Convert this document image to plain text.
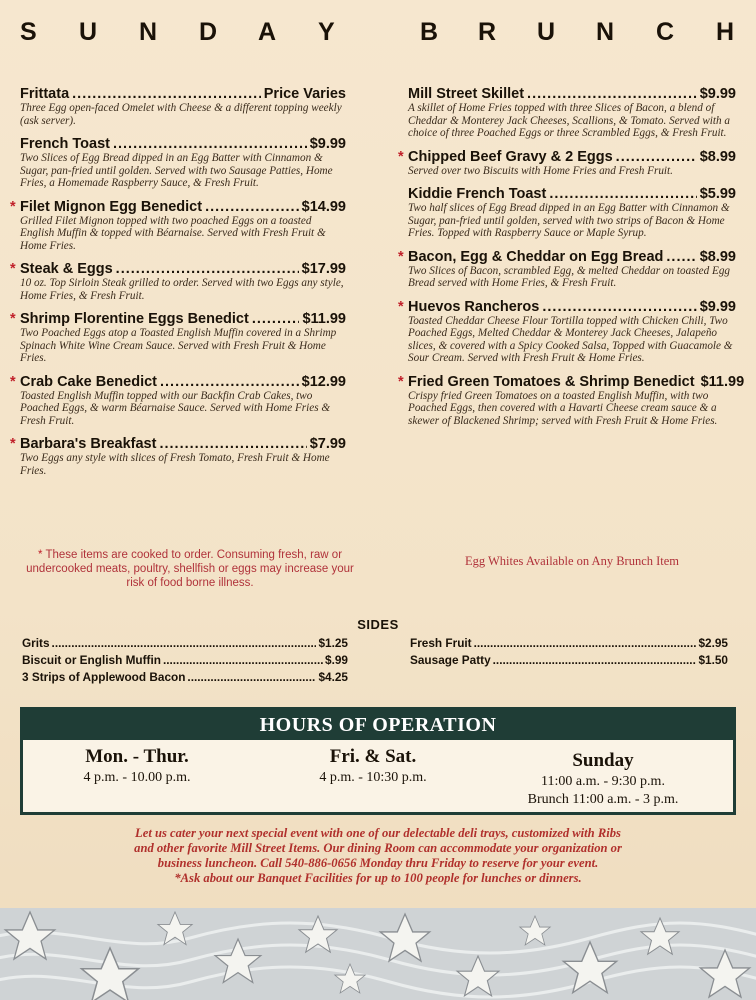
S U N D A Y	B R U N C H
Frittata .....	Price Varies
Three Egg open-faced Omelet with Cheese & a different topping weekly (ask server).
French Toast .....	$9.99
Two Slices of Egg Bread dipped in an Egg Batter with Cinnamon & Sugar, pan-fried until golden. Served with two Sausage Patties, Home Fries, a Homemade Raspberry Sauce, & Fresh Fruit.
* Filet Mignon Egg Benedict .....	$14.99
Grilled Filet Mignon topped with two poached Eggs on a toasted English Muffin & topped with Béarnaise. Served with Fresh Fruit & Home Fries.
* Steak & Eggs .....	$17.99
10 oz. Top Sirloin Steak grilled to order. Served with two Eggs any style, Home Fries, & Fresh Fruit.
* Shrimp Florentine Eggs Benedict .....	$11.99
Two Poached Eggs atop a Toasted English Muffin covered in a Shrimp Spinach White Wine Cream Sauce. Served with Fresh Fruit & Home Fries.
* Crab Cake Benedict .....	$12.99
Toasted English Muffin topped with our Backfin Crab Cakes, two Poached Eggs, & warm Béarnaise Sauce. Served with Home Fries & Fresh Fruit.
* Barbara's Breakfast .....	$7.99
Two Eggs any style with slices of Fresh Tomato, Fresh Fruit & Home Fries.
Mill Street Skillet .....	$9.99
A skillet of Home Fries topped with three Slices of Bacon, a blend of Cheddar & Monterey Jack Cheeses, Scallions, & Tomato. Served with a choice of three Poached Eggs or three Scrambled Eggs, & Fresh Fruit.
* Chipped Beef Gravy & 2 Eggs .....	$8.99
Served over two Biscuits with Home Fries and Fresh Fruit.
Kiddie French Toast .....	$5.99
Two half slices of Egg Bread dipped in an Egg Batter with Cinnamon & Sugar, pan-fried until golden, served with two strips of Bacon & Home Fries. Topped with Raspberry Sauce or Maple Syrup.
* Bacon, Egg & Cheddar on Egg Bread .....	$8.99
Two Slices of Bacon, scrambled Egg, & melted Cheddar on toasted Egg Bread served with Home Fries, & Fresh Fruit.
* Huevos Rancheros .....	$9.99
Toasted Cheddar Cheese Flour Tortilla topped with Chicken Chili, Two Poached Eggs, Melted Cheddar & Monterey Jack Cheeses, Jalapeño slices, & covered with a Spicy Cooked Salsa, Topped with Guacamole & Sour Cream. Served with Fresh Fruit & Home Fries.
* Fried Green Tomatoes & Shrimp Benedict $11.99
Crispy fried Green Tomatoes on a toasted English Muffin, with two Poached Eggs, then covered with a Havarti Cheese cream sauce & a skewer of Blackened Shrimp; served with Fresh Fruit & Home Fries.
* These items are cooked to order. Consuming fresh, raw or undercooked meats, poultry, shellfish or eggs may increase your risk of food borne illness.
Egg Whites Available on Any Brunch Item
SIDES
Grits .....	$1.25
Biscuit or English Muffin .....	$.99
3 Strips of Applewood Bacon .....	$4.25
Fresh Fruit .....	$2.95
Sausage Patty .....	$1.50
HOURS OF OPERATION
Mon. - Thur.
4 p.m. - 10.00 p.m.
Fri. & Sat.
4 p.m. - 10:30 p.m.
Sunday
11:00 a.m. - 9:30 p.m.
Brunch 11:00 a.m. - 3 p.m.
Let us cater your next special event with one of our delectable deli trays, customized with Ribs
and other favorite Mill Street Items. Our dining Room can accommodate your organization or
business luncheon. Call 540-886-0656 Monday thru Friday to reserve for your event.
*Ask about our Banquet Facilities for up to 100 people for lunches or dinners.
